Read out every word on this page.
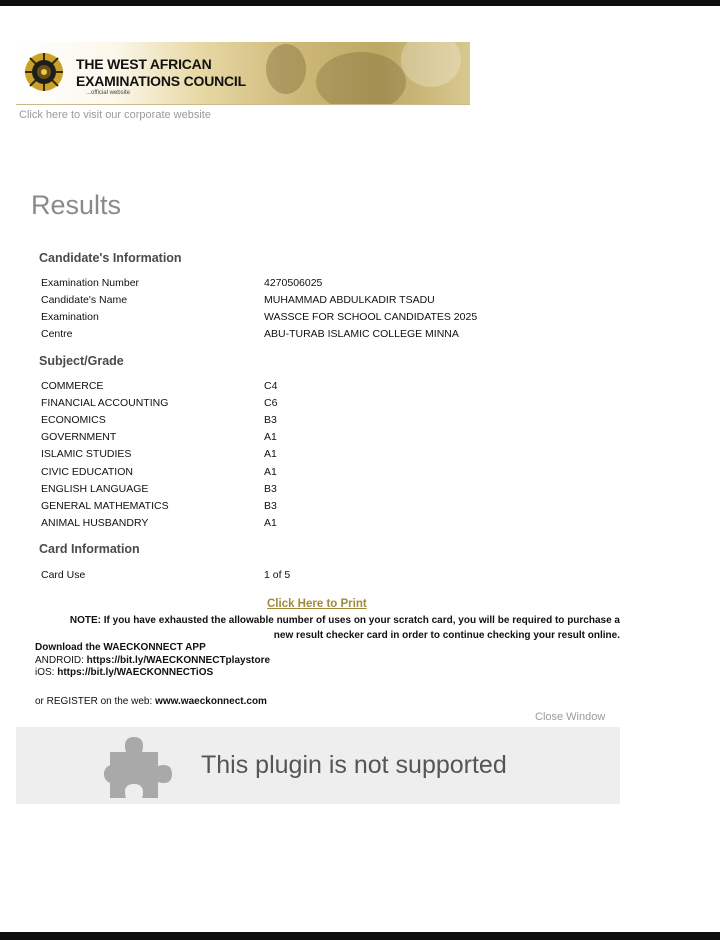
THE WEST AFRICAN
EXAMINATIONS COUNCIL
...official website
Click here to visit our corporate website
Results
Candidate's Information
Examination Number	4270506025
Candidate's Name	MUHAMMAD ABDULKADIR TSADU
Examination	WASSCE FOR SCHOOL CANDIDATES 2025
Centre	ABU-TURAB ISLAMIC COLLEGE MINNA
Subject/Grade
COMMERCE	C4
FINANCIAL ACCOUNTING	C6
ECONOMICS	B3
GOVERNMENT	A1
ISLAMIC STUDIES	A1
CIVIC EDUCATION	A1
ENGLISH LANGUAGE	B3
GENERAL MATHEMATICS	B3
ANIMAL HUSBANDRY	A1
Card Information
Card Use	1 of 5
Click Here to Print
NOTE: If you have exhausted the allowable number of uses on your scratch card, you will be required to purchase a
new result checker card in order to continue checking your result online.
Download the WAECKONNECT APP
ANDROID: https://bit.ly/WAECKONNECTplaystore
iOS: https://bit.ly/WAECKONNECTiOS
or REGISTER on the web: www.waeckonnect.com
Close Window
This plugin is not supported
